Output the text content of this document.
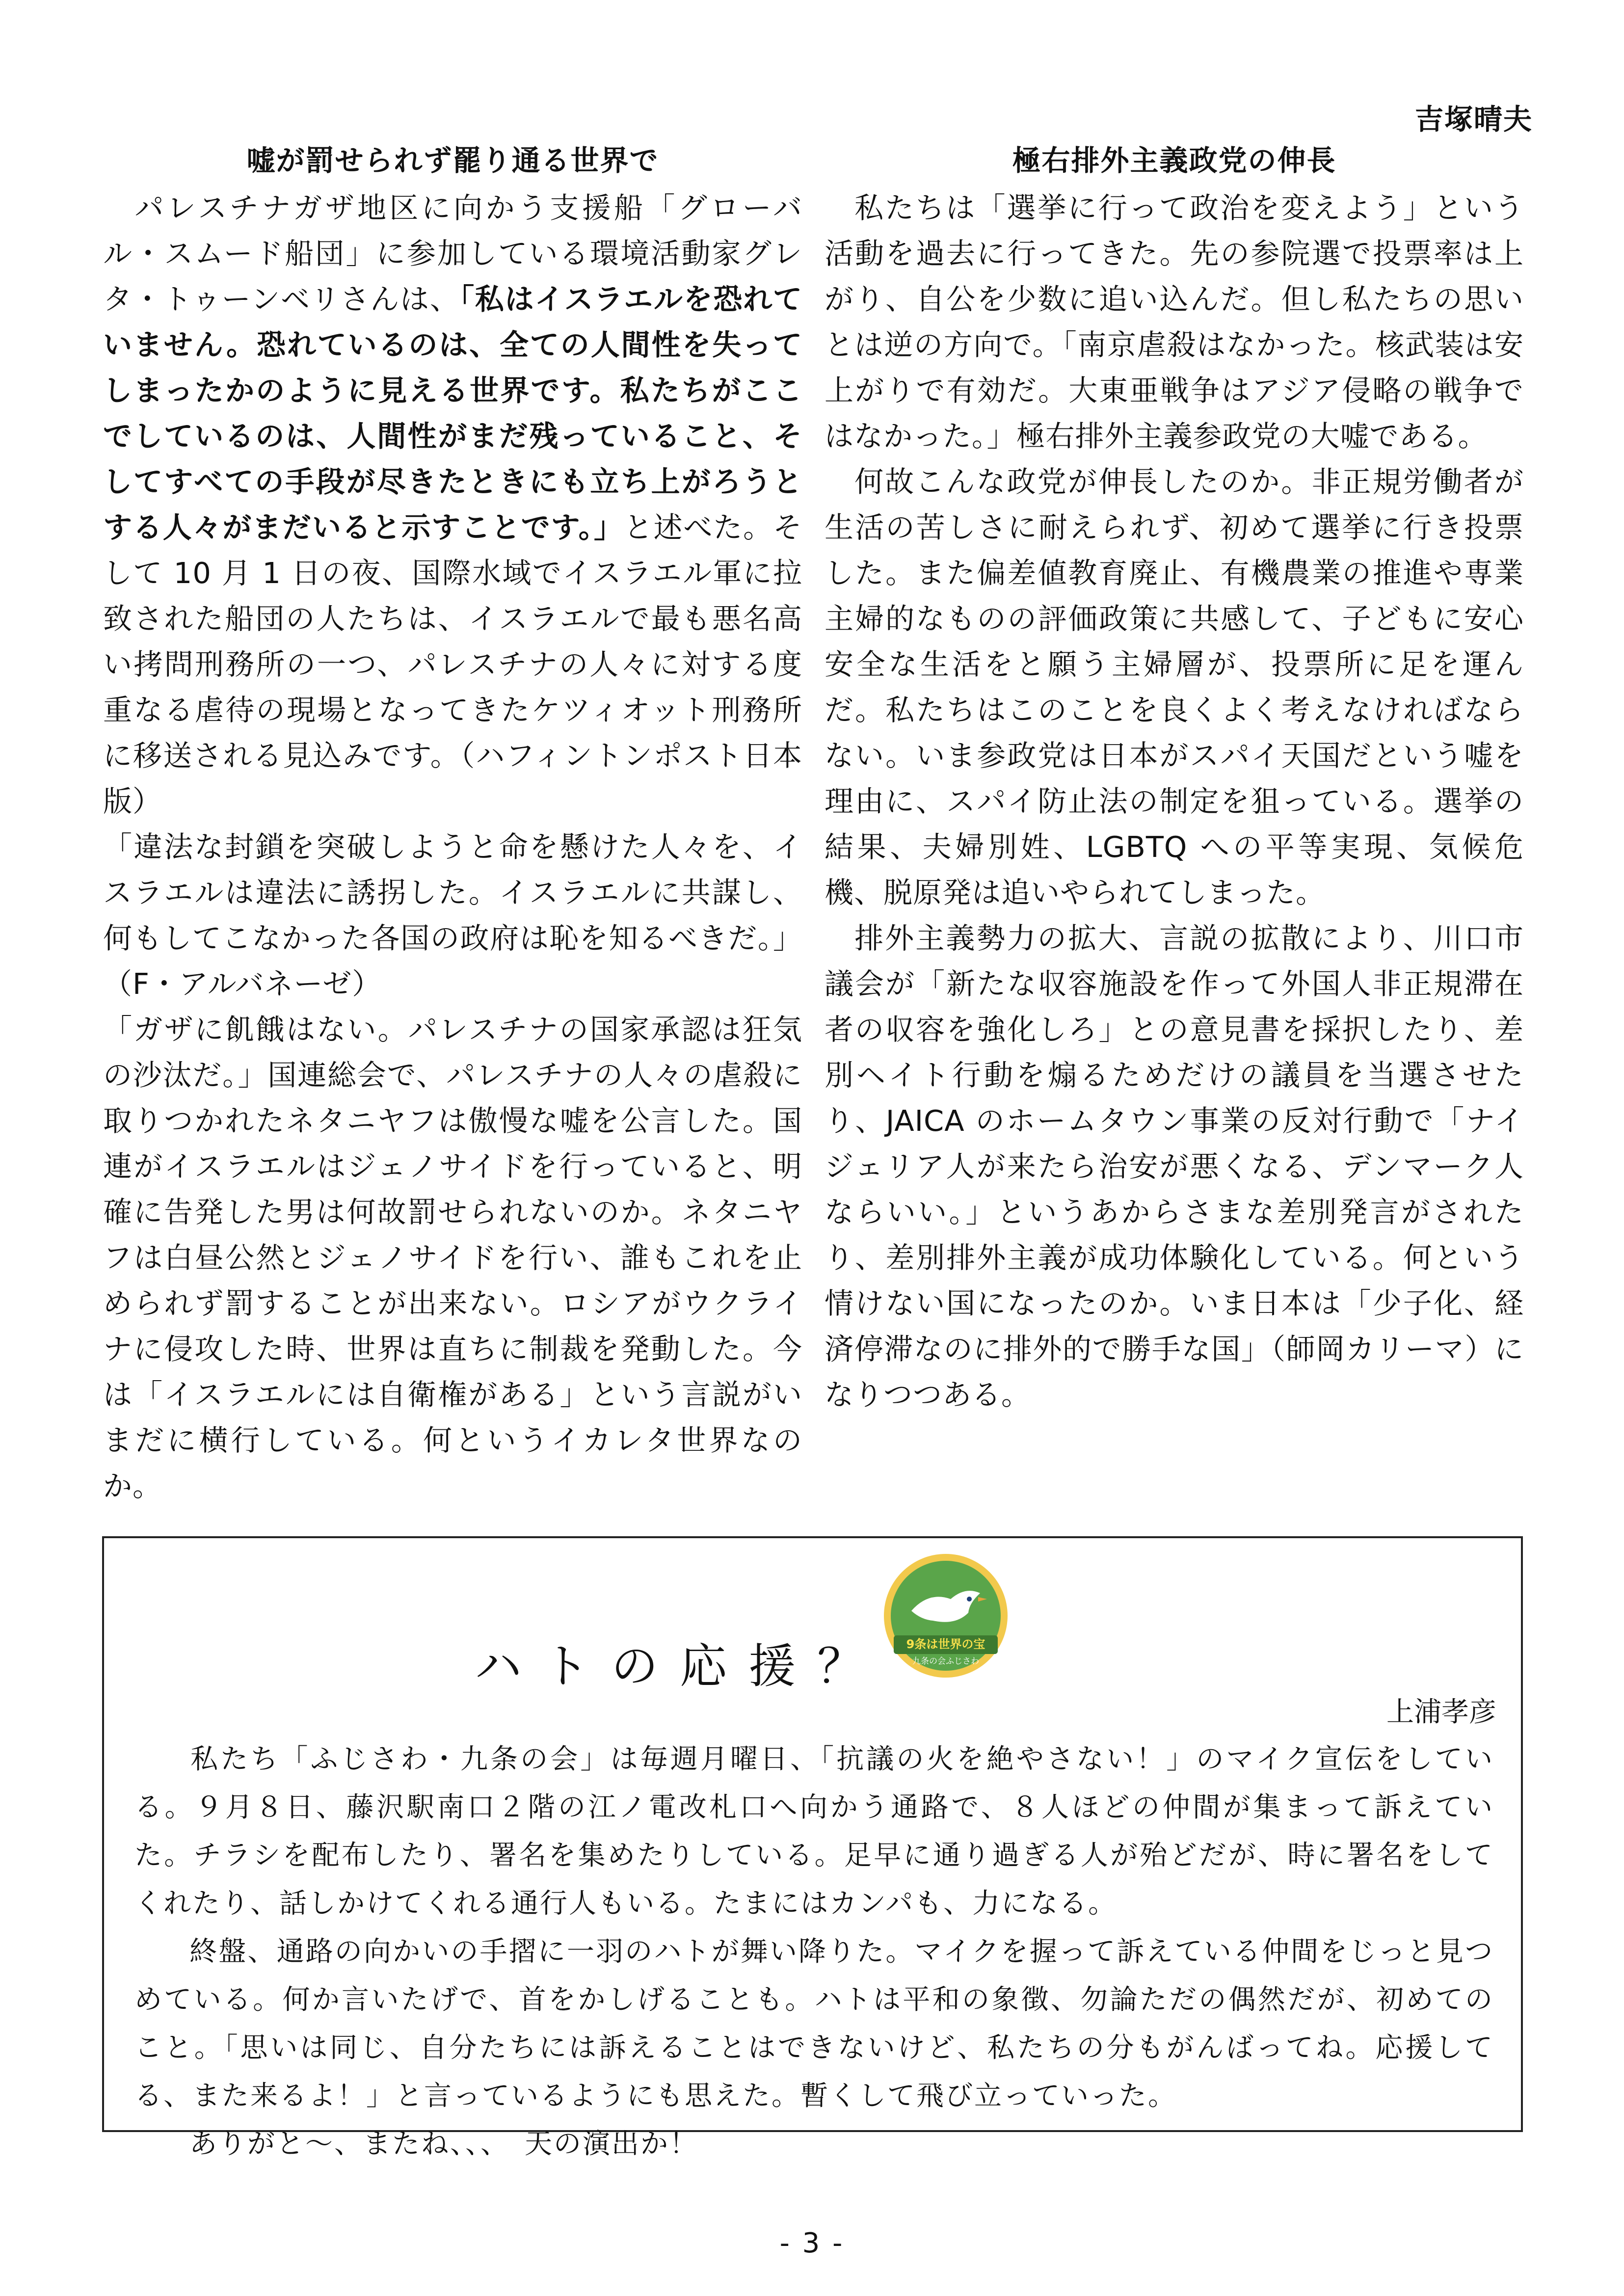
吉塚晴夫
嘘が罰せられず罷り通る世界で

パレスチナガザ地区に向かう支援船「グローバル・スムード船団」に参加している環境活動家グレタ・トゥーンベリさんは、「私はイスラエルを恐れていません。恐れているのは、全ての人間性を失ってしまったかのように見える世界です。私たちがここでしているのは、人間性がまだ残っていること、そしてすべての手段が尽きたときにも立ち上がろうとする人々がまだいると示すことです。」と述べた。そして 10 月 1 日の夜、国際水域でイスラエル軍に拉致された船団の人たちは、イスラエルで最も悪名高い拷問刑務所の一つ、パレスチナの人々に対する度重なる虐待の現場となってきたケツィオット刑務所に移送される見込みです。（ハフィントンポスト日本版）

「違法な封鎖を突破しようと命を懸けた人々を、イスラエルは違法に誘拐した。イスラエルに共謀し、何もしてこなかった各国の政府は恥を知るべきだ。」（F・アルバネーゼ）

「ガザに飢餓はない。パレスチナの国家承認は狂気の沙汰だ。」国連総会で、パレスチナの人々の虐殺に取りつかれたネタニヤフは傲慢な嘘を公言した。国連がイスラエルはジェノサイドを行っていると、明確に告発した男は何故罰せられないのか。ネタニヤフは白昼公然とジェノサイドを行い、誰もこれを止められず罰することが出来ない。ロシアがウクライナに侵攻した時、世界は直ちに制裁を発動した。今は「イスラエルには自衛権がある」という言説がいまだに横行している。何というイカレタ世界なのか。

極右排外主義政党の伸長

私たちは「選挙に行って政治を変えよう」という活動を過去に行ってきた。先の参院選で投票率は上がり、自公を少数に追い込んだ。但し私たちの思いとは逆の方向で。「南京虐殺はなかった。核武装は安上がりで有効だ。大東亜戦争はアジア侵略の戦争ではなかった。」極右排外主義参政党の大嘘である。

何故こんな政党が伸長したのか。非正規労働者が生活の苦しさに耐えられず、初めて選挙に行き投票した。また偏差値教育廃止、有機農業の推進や専業主婦的なものの評価政策に共感して、子どもに安心安全な生活をと願う主婦層が、投票所に足を運んだ。私たちはこのことを良くよく考えなければならない。いま参政党は日本がスパイ天国だという嘘を理由に、スパイ防止法の制定を狙っている。選挙の結果、夫婦別姓、LGBTQ への平等実現、気候危機、脱原発は追いやられてしまった。

排外主義勢力の拡大、言説の拡散により、川口市議会が「新たな収容施設を作って外国人非正規滞在者の収容を強化しろ」との意見書を採択したり、差別ヘイト行動を煽るためだけの議員を当選させたり、JAICA のホームタウン事業の反対行動で「ナイジェリア人が来たら治安が悪くなる、デンマーク人ならいい。」というあからさまな差別発言がされたり、差別排外主義が成功体験化している。何という情けない国になったのか。いま日本は「少子化、経済停滞なのに排外的で勝手な国」（師岡カリーマ）になりつつある。

ハトの応援？ 9条は世界の宝
九条の会ふじさわ
上浦孝彦

私たち「ふじさわ・九条の会」は毎週月曜日、「抗議の火を絶やさない！」のマイク宣伝をしている。９月８日、藤沢駅南口２階の江ノ電改札口へ向かう通路で、８人ほどの仲間が集まって訴えていた。チラシを配布したり、署名を集めたりしている。足早に通り過ぎる人が殆どだが、時に署名をしてくれたり、話しかけてくれる通行人もいる。たまにはカンパも、力になる。

終盤、通路の向かいの手摺に一羽のハトが舞い降りた。マイクを握って訴えている仲間をじっと見つめている。何か言いたげで、首をかしげることも。ハトは平和の象徴、勿論ただの偶然だが、初めてのこと。「思いは同じ、自分たちには訴えることはできないけど、私たちの分もがんばってね。応援してる、また来るよ！」と言っているようにも思えた。暫くして飛び立っていった。

ありがと～、またね、、、　天の演出か！

- 3 -
